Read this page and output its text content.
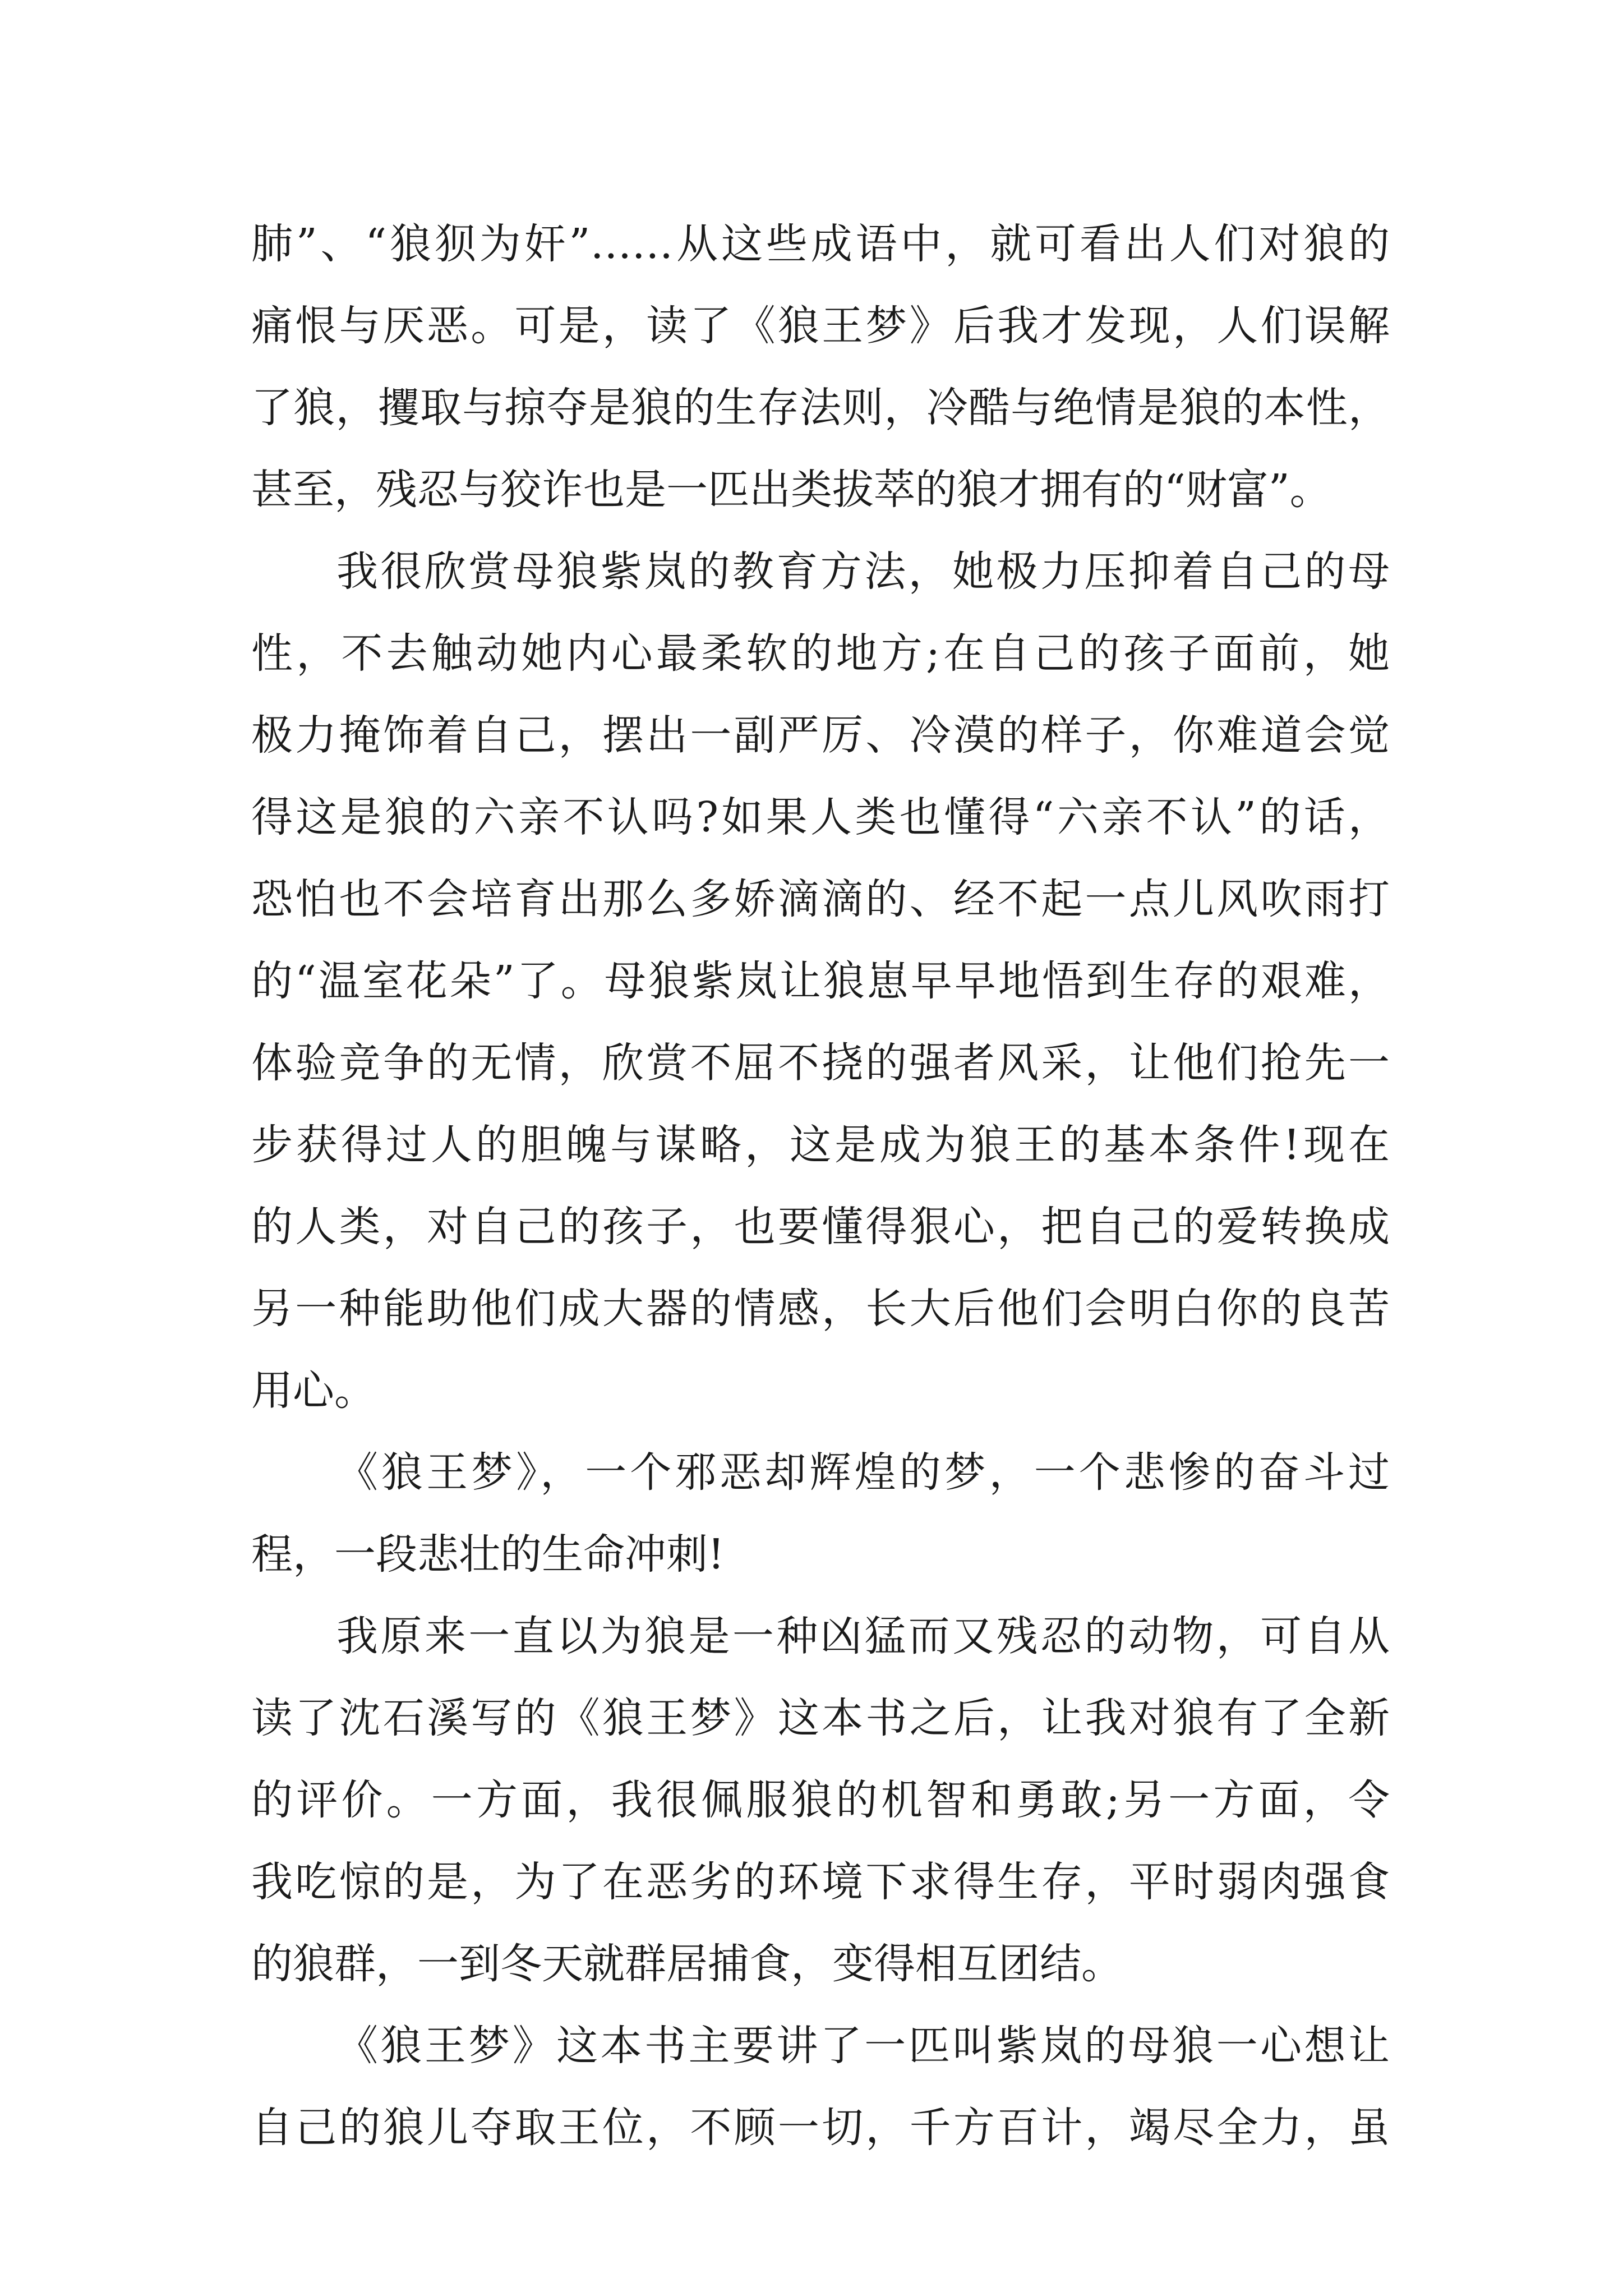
肺”、“狼狈为奸”……从这些成语中，就可看出人们对狼的
痛恨与厌恶。可是，读了《狼王梦》后我才发现，人们误解
了狼，攫取与掠夺是狼的生存法则，冷酷与绝情是狼的本性，
甚至，残忍与狡诈也是一匹出类拔萃的狼才拥有的“财富”。
我很欣赏母狼紫岚的教育方法，她极力压抑着自己的母
性，不去触动她内心最柔软的地方;在自己的孩子面前，她
极力掩饰着自己，摆出一副严厉、冷漠的样子，你难道会觉
得这是狼的六亲不认吗?如果人类也懂得“六亲不认”的话，
恐怕也不会培育出那么多娇滴滴的、经不起一点儿风吹雨打
的“温室花朵”了。母狼紫岚让狼崽早早地悟到生存的艰难，
体验竞争的无情，欣赏不屈不挠的强者风采，让他们抢先一
步获得过人的胆魄与谋略，这是成为狼王的基本条件!现在
的人类，对自己的孩子，也要懂得狠心，把自己的爱转换成
另一种能助他们成大器的情感，长大后他们会明白你的良苦
用心。
《狼王梦》，一个邪恶却辉煌的梦，一个悲惨的奋斗过
程，一段悲壮的生命冲刺!
我原来一直以为狼是一种凶猛而又残忍的动物，可自从
读了沈石溪写的《狼王梦》这本书之后，让我对狼有了全新
的评价。一方面，我很佩服狼的机智和勇敢;另一方面，令
我吃惊的是，为了在恶劣的环境下求得生存，平时弱肉强食
的狼群，一到冬天就群居捕食，变得相互团结。
《狼王梦》这本书主要讲了一匹叫紫岚的母狼一心想让
自己的狼儿夺取王位，不顾一切，千方百计，竭尽全力，虽
